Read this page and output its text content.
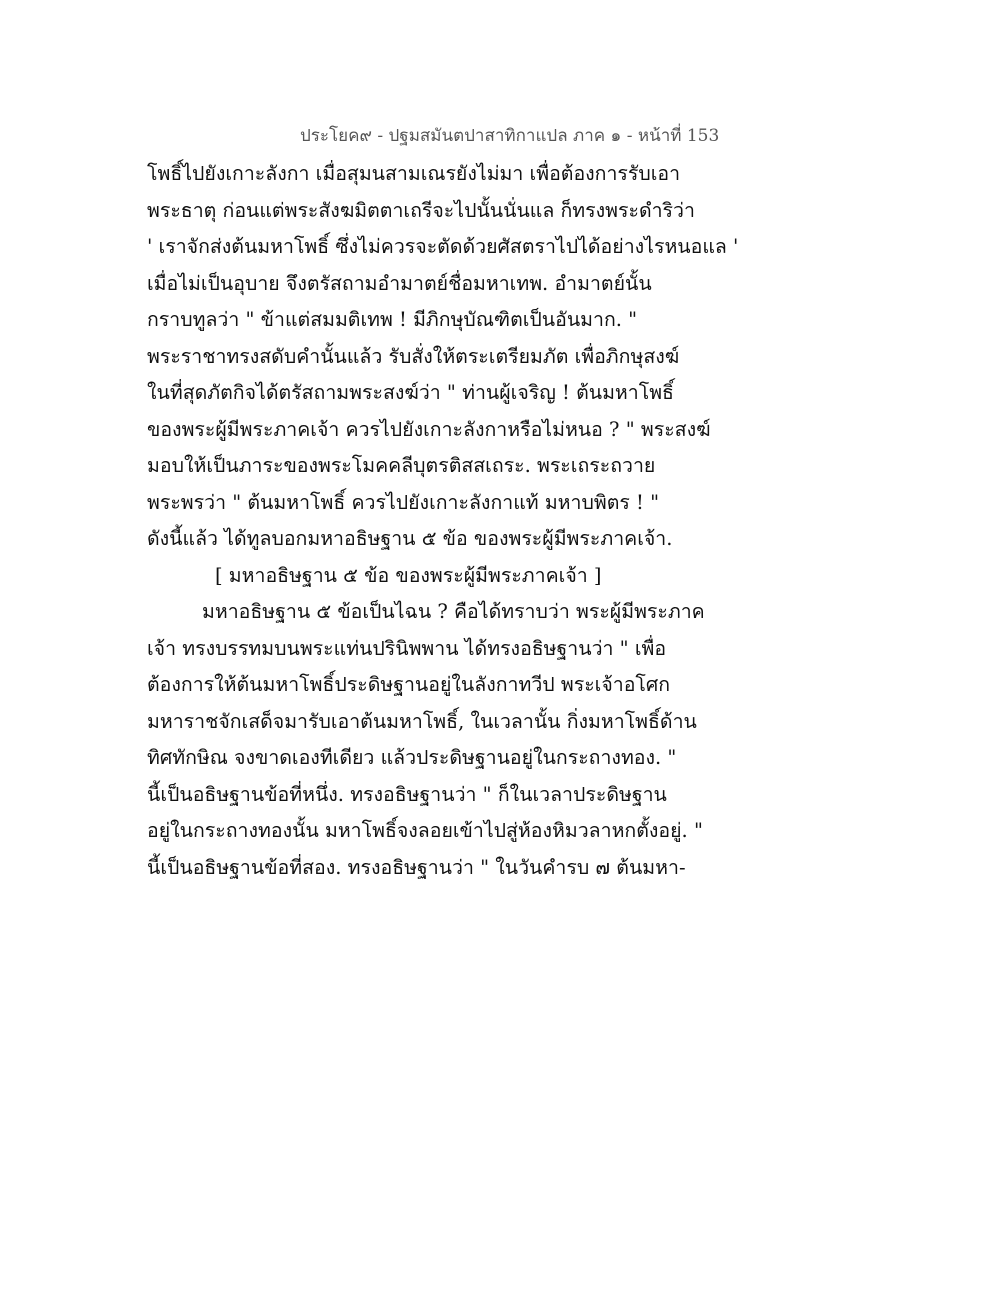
ประโยค๙ - ปฐมสมันตปาสาทิกาแปล ภาค ๑ - หน้าที่ 153
โพธิ์ไปยังเกาะลังกา เมื่อสุมนสามเณรยังไม่มา เพื่อต้องการรับเอา
พระธาตุ ก่อนแต่พระสังฆมิตตาเถรีจะไปนั้นนั่นแล ก็ทรงพระดำริว่า
' เราจักส่งต้นมหาโพธิ์ ซึ่งไม่ควรจะตัดด้วยศัสตราไปได้อย่างไรหนอแล '
เมื่อไม่เป็นอุบาย จึงตรัสถามอำมาตย์ชื่อมหาเทพ. อำมาตย์นั้น
กราบทูลว่า " ข้าแต่สมมติเทพ ! มีภิกษุบัณฑิตเป็นอันมาก. "
พระราชาทรงสดับคำนั้นแล้ว รับสั่งให้ตระเตรียมภัต เพื่อภิกษุสงฆ์
ในที่สุดภัตกิจได้ตรัสถามพระสงฆ์ว่า " ท่านผู้เจริญ ! ต้นมหาโพธิ์
ของพระผู้มีพระภาคเจ้า ควรไปยังเกาะลังกาหรือไม่หนอ ? " พระสงฆ์
มอบให้เป็นภาระของพระโมคคลีบุตรติสสเถระ. พระเถระถวาย
พระพรว่า " ต้นมหาโพธิ์ ควรไปยังเกาะลังกาแท้ มหาบพิตร ! "
ดังนี้แล้ว ได้ทูลบอกมหาอธิษฐาน ๕ ข้อ ของพระผู้มีพระภาคเจ้า.
[ มหาอธิษฐาน ๕ ข้อ ของพระผู้มีพระภาคเจ้า ]
มหาอธิษฐาน ๕ ข้อเป็นไฉน ? คือได้ทราบว่า พระผู้มีพระภาค
เจ้า ทรงบรรทมบนพระแท่นปรินิพพาน ได้ทรงอธิษฐานว่า " เพื่อ
ต้องการให้ต้นมหาโพธิ์ประดิษฐานอยู่ในลังกาทวีป พระเจ้าอโศก
มหาราชจักเสด็จมารับเอาต้นมหาโพธิ์, ในเวลานั้น กิ่งมหาโพธิ์ด้าน
ทิศทักษิณ จงขาดเองทีเดียว แล้วประดิษฐานอยู่ในกระถางทอง. "
นี้เป็นอธิษฐานข้อที่หนึ่ง. ทรงอธิษฐานว่า " ก็ในเวลาประดิษฐาน
อยู่ในกระถางทองนั้น มหาโพธิ์จงลอยเข้าไปสู่ห้องหิมวลาหกตั้งอยู่. "
นี้เป็นอธิษฐานข้อที่สอง. ทรงอธิษฐานว่า " ในวันคำรบ ๗ ต้นมหา-
